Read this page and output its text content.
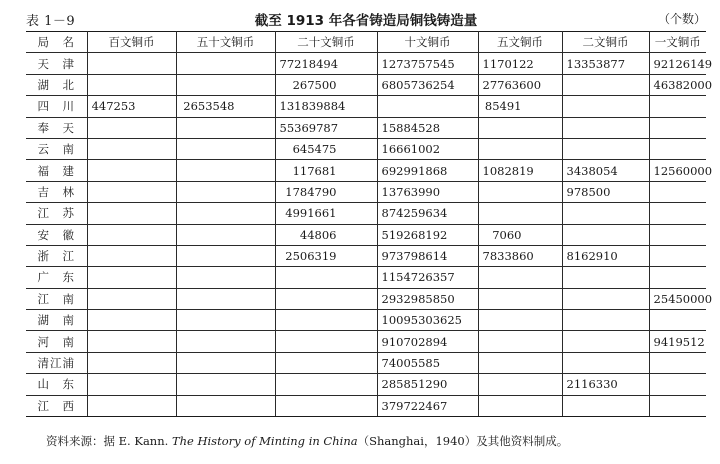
表 1－9	截至 1913 年各省铸造局铜钱铸造量	（个数）
局　名	百文铜币	五十文铜币	二十文铜币	十文铜币	五文铜币	二文铜币	一文铜币
天　津			77218494	1273757545	1170122	13353877	92126149
湖　北			267500	6805736254	27763600		46382000
四　川	447253	2653548	131839884		85491		
奉　天			55369787	15884528			
云　南			645475	16661002			
福　建			117681	692991868	1082819	3438054	12560000
吉　林			1784790	13763990		978500	
江　苏			4991661	874259634			
安　徽			44806	519268192	7060		
浙　江			2506319	973798614	7833860	8162910	
广　东				1154726357			
江　南				2932985850			25450000
湖　南				10095303625			
河　南				910702894			9419512
清江浦				74005585			
山　东				285851290		2116330	
江　西				379722467			
资料来源：据 E. Kann. The History of Minting in China（Shanghai，1940）及其他资料制成。
